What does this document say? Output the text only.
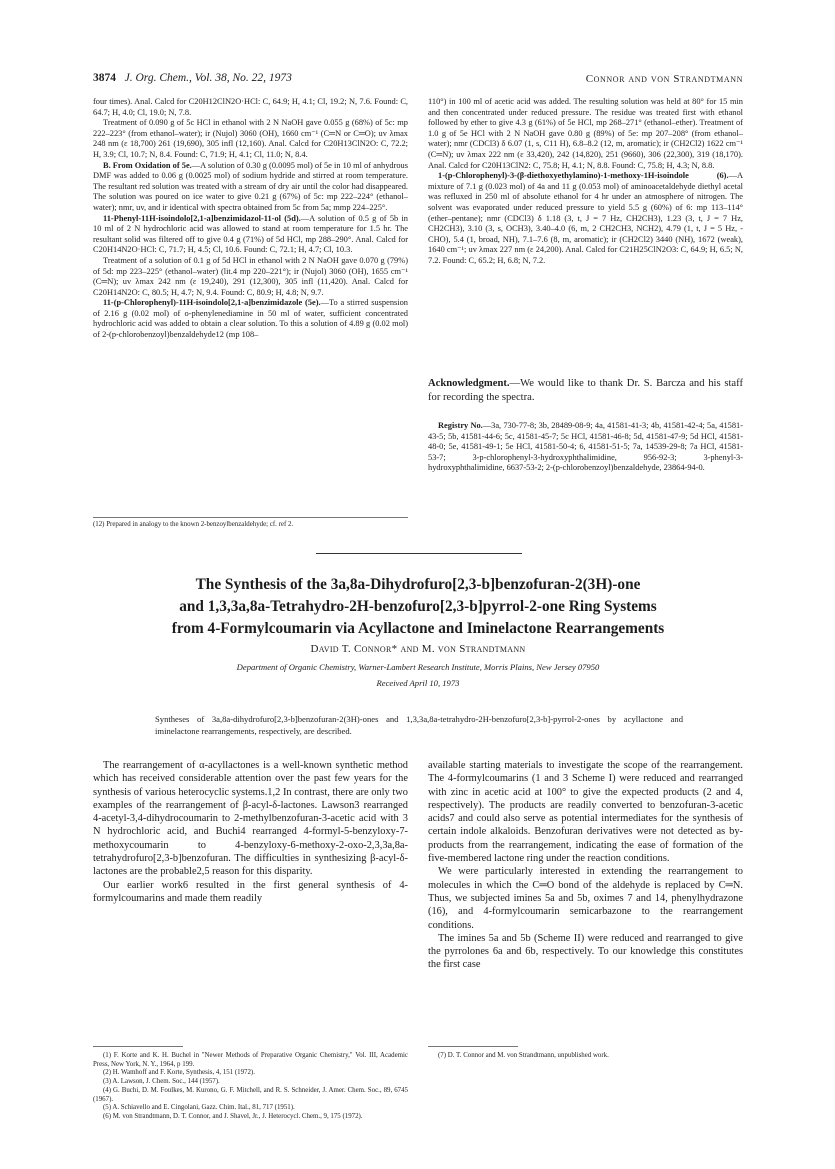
3874 J. Org. Chem., Vol. 38, No. 22, 1973	Connor and von Strandtmann

four times). Anal. Calcd for C20H12ClN2O·HCl: C, 64.9; H, 4.1; Cl, 19.2; N, 7.6. Found: C, 64.7; H, 4.0; Cl, 19.0; N, 7.8.

Treatment of 0.090 g of 5c HCl in ethanol with 2 N NaOH gave 0.055 g (68%) of 5c: mp 222–223° (from ethanol–water); ir (Nujol) 3060 (OH), 1660 cm⁻¹ (C═N or C═O); uv λmax 248 nm (ε 18,700) 261 (19,690), 305 infl (12,160). Anal. Calcd for C20H13ClN2O: C, 72.2; H, 3.9; Cl, 10.7; N, 8.4. Found: C, 71.9; H, 4.1; Cl, 11.0; N, 8.4.

B. From Oxidation of 5e.—A solution of 0.30 g (0.0095 mol) of 5e in 10 ml of anhydrous DMF was added to 0.06 g (0.0025 mol) of sodium hydride and stirred at room temperature. The resultant red solution was treated with a stream of dry air until the color had disappeared. The solution was poured on ice water to give 0.21 g (67%) of 5c: mp 222–224° (ethanol–water); nmr, uv, and ir identical with spectra obtained from 5c from 5a; mmp 224–225°.

11-Phenyl-11H-isoindolo[2,1-a]benzimidazol-11-ol (5d).—A solution of 0.5 g of 5b in 10 ml of 2 N hydrochloric acid was allowed to stand at room temperature for 1.5 hr. The resultant solid was filtered off to give 0.4 g (71%) of 5d HCl, mp 288–290°. Anal. Calcd for C20H14N2O·HCl: C, 71.7; H, 4.5; Cl, 10.6. Found: C, 72.1; H, 4.7; Cl, 10.3.

Treatment of a solution of 0.1 g of 5d HCl in ethanol with 2 N NaOH gave 0.070 g (79%) of 5d: mp 223–225° (ethanol–water) (lit.4 mp 220–221°); ir (Nujol) 3060 (OH), 1655 cm⁻¹ (C═N); uv λmax 242 nm (ε 19,240), 291 (12,300), 305 infl (11,420). Anal. Calcd for C20H14N2O: C, 80.5; H, 4.7; N, 9.4. Found: C, 80.9; H, 4.8; N, 9.7.

11-(p-Chlorophenyl)-11H-isoindolo[2,1-a]benzimidazole (5e).—To a stirred suspension of 2.16 g (0.02 mol) of o-phenylenediamine in 50 ml of water, sufficient concentrated hydrochloric acid was added to obtain a clear solution. To this a solution of 4.89 g (0.02 mol) of 2-(p-chlorobenzoyl)benzaldehyde12 (mp 108–

(12) Prepared in analogy to the known 2-benzoylbenzaldehyde; cf. ref 2.

110°) in 100 ml of acetic acid was added. The resulting solution was held at 80° for 15 min and then concentrated under reduced pressure. The residue was treated first with ethanol followed by ether to give 4.3 g (61%) of 5e HCl, mp 268–271° (ethanol–ether). Treatment of 1.0 g of 5e HCl with 2 N NaOH gave 0.80 g (89%) of 5e: mp 207–208° (from ethanol–water); nmr (CDCl3) δ 6.07 (1, s, C11 H), 6.8–8.2 (12, m, aromatic); ir (CH2Cl2) 1622 cm⁻¹ (C═N); uv λmax 222 nm (ε 33,420), 242 (14,820), 251 (9660), 306 (22,300), 319 (18,170). Anal. Calcd for C20H13ClN2: C, 75.8; H, 4.1; N, 8.8. Found: C, 75.8; H, 4.3; N, 8.8.

1-(p-Chlorophenyl)-3-(β-diethoxyethylamino)-1-methoxy-1H-isoindole (6).—A mixture of 7.1 g (0.023 mol) of 4a and 11 g (0.053 mol) of aminoacetaldehyde diethyl acetal was refluxed in 250 ml of absolute ethanol for 4 hr under an atmosphere of nitrogen. The solvent was evaporated under reduced pressure to yield 5.5 g (60%) of 6: mp 113–114° (ether–pentane); nmr (CDCl3) δ 1.18 (3, t, J = 7 Hz, CH2CH3), 1.23 (3, t, J = 7 Hz, CH2CH3), 3.10 (3, s, OCH3), 3.40–4.0 (6, m, 2 CH2CH3, NCH2), 4.79 (1, t, J = 5 Hz, -CHO), 5.4 (1, broad, NH), 7.1–7.6 (8, m, aromatic); ir (CH2Cl2) 3440 (NH), 1672 (weak), 1640 cm⁻¹; uv λmax 227 nm (ε 24,200). Anal. Calcd for C21H25ClN2O3: C, 64.9; H, 6.5; N, 7.2. Found: C, 65.2; H, 6.8; N, 7.2.

Acknowledgment.—We would like to thank Dr. S. Barcza and his staff for recording the spectra.

Registry No.—3a, 730-77-8; 3b, 28489-08-9; 4a, 41581-41-3; 4b, 41581-42-4; 5a, 41581-43-5; 5b, 41581-44-6; 5c, 41581-45-7; 5c HCl, 41581-46-8; 5d, 41581-47-9; 5d HCl, 41581-48-0; 5e, 41581-49-1; 5e HCl, 41581-50-4; 6, 41581-51-5; 7a, 14539-29-8; 7a HCl, 41581-53-7; 3-p-chlorophenyl-3-hydroxyphthalimidine, 956-92-3; 3-phenyl-3-hydroxyphthalimidine, 6637-53-2; 2-(p-chlorobenzoyl)benzaldehyde, 23864-94-0.

The Synthesis of the 3a,8a-Dihydrofuro[2,3-b]benzofuran-2(3H)-one
and 1,3,3a,8a-Tetrahydro-2H-benzofuro[2,3-b]pyrrol-2-one Ring Systems
from 4-Formylcoumarin via Acyllactone and Iminelactone Rearrangements
David T. Connor* and M. von Strandtmann
Department of Organic Chemistry, Warner-Lambert Research Institute, Morris Plains, New Jersey 07950
Received April 10, 1973
Syntheses of 3a,8a-dihydrofuro[2,3-b]benzofuran-2(3H)-ones and 1,3,3a,8a-tetrahydro-2H-benzofuro[2,3-b]-pyrrol-2-ones by acyllactone and iminelactone rearrangements, respectively, are described.

The rearrangement of α-acyllactones is a well-known synthetic method which has received considerable attention over the past few years for the synthesis of various heterocyclic systems.1,2 In contrast, there are only two examples of the rearrangement of β-acyl-δ-lactones. Lawson3 rearranged 4-acetyl-3,4-dihydrocoumarin to 2-methylbenzofuran-3-acetic acid with 3 N hydrochloric acid, and Buchi4 rearranged 4-formyl-5-benzyloxy-7-methoxycoumarin to 4-benzyloxy-6-methoxy-2-oxo-2,3,3a,8a-tetrahydrofuro[2,3-b]benzofuran. The difficulties in synthesizing β-acyl-δ-lactones are the probable2,5 reason for this disparity.

Our earlier work6 resulted in the first general synthesis of 4-formylcoumarins and made them readily

(1) F. Korte and K. H. Buchel in "Newer Methods of Preparative Organic Chemistry," Vol. III, Academic Press, New York, N. Y., 1964, p 199.

(2) H. Wamhoff and F. Korte, Synthesis, 4, 151 (1972).

(3) A. Lawson, J. Chem. Soc., 144 (1957).

(4) G. Buchi, D. M. Foulkes, M. Kurono, G. F. Mitchell, and R. S. Schneider, J. Amer. Chem. Soc., 89, 6745 (1967).

(5) A. Schiavello and E. Cingolani, Gazz. Chim. Ital., 81, 717 (1951).

(6) M. von Strandtmann, D. T. Connor, and J. Shavel, Jr., J. Heterocycl. Chem., 9, 175 (1972).

available starting materials to investigate the scope of the rearrangement. The 4-formylcoumarins (1 and 3 Scheme I) were reduced and rearranged with zinc in acetic acid at 100° to give the expected products (2 and 4, respectively). The products are readily converted to benzofuran-3-acetic acids7 and could also serve as potential intermediates for the synthesis of certain indole alkaloids. Benzofuran derivatives were not detected as by-products from the rearrangement, indicating the ease of formation of the five-membered lactone ring under the reaction conditions.

We were particularly interested in extending the rearrangement to molecules in which the C═O bond of the aldehyde is replaced by C═N. Thus, we subjected imines 5a and 5b, oximes 7 and 14, phenylhydrazone (16), and 4-formylcoumarin semicarbazone to the rearrangement conditions.

The imines 5a and 5b (Scheme II) were reduced and rearranged to give the pyrrolones 6a and 6b, respectively. To our knowledge this constitutes the first case

(7) D. T. Connor and M. von Strandtmann, unpublished work.
